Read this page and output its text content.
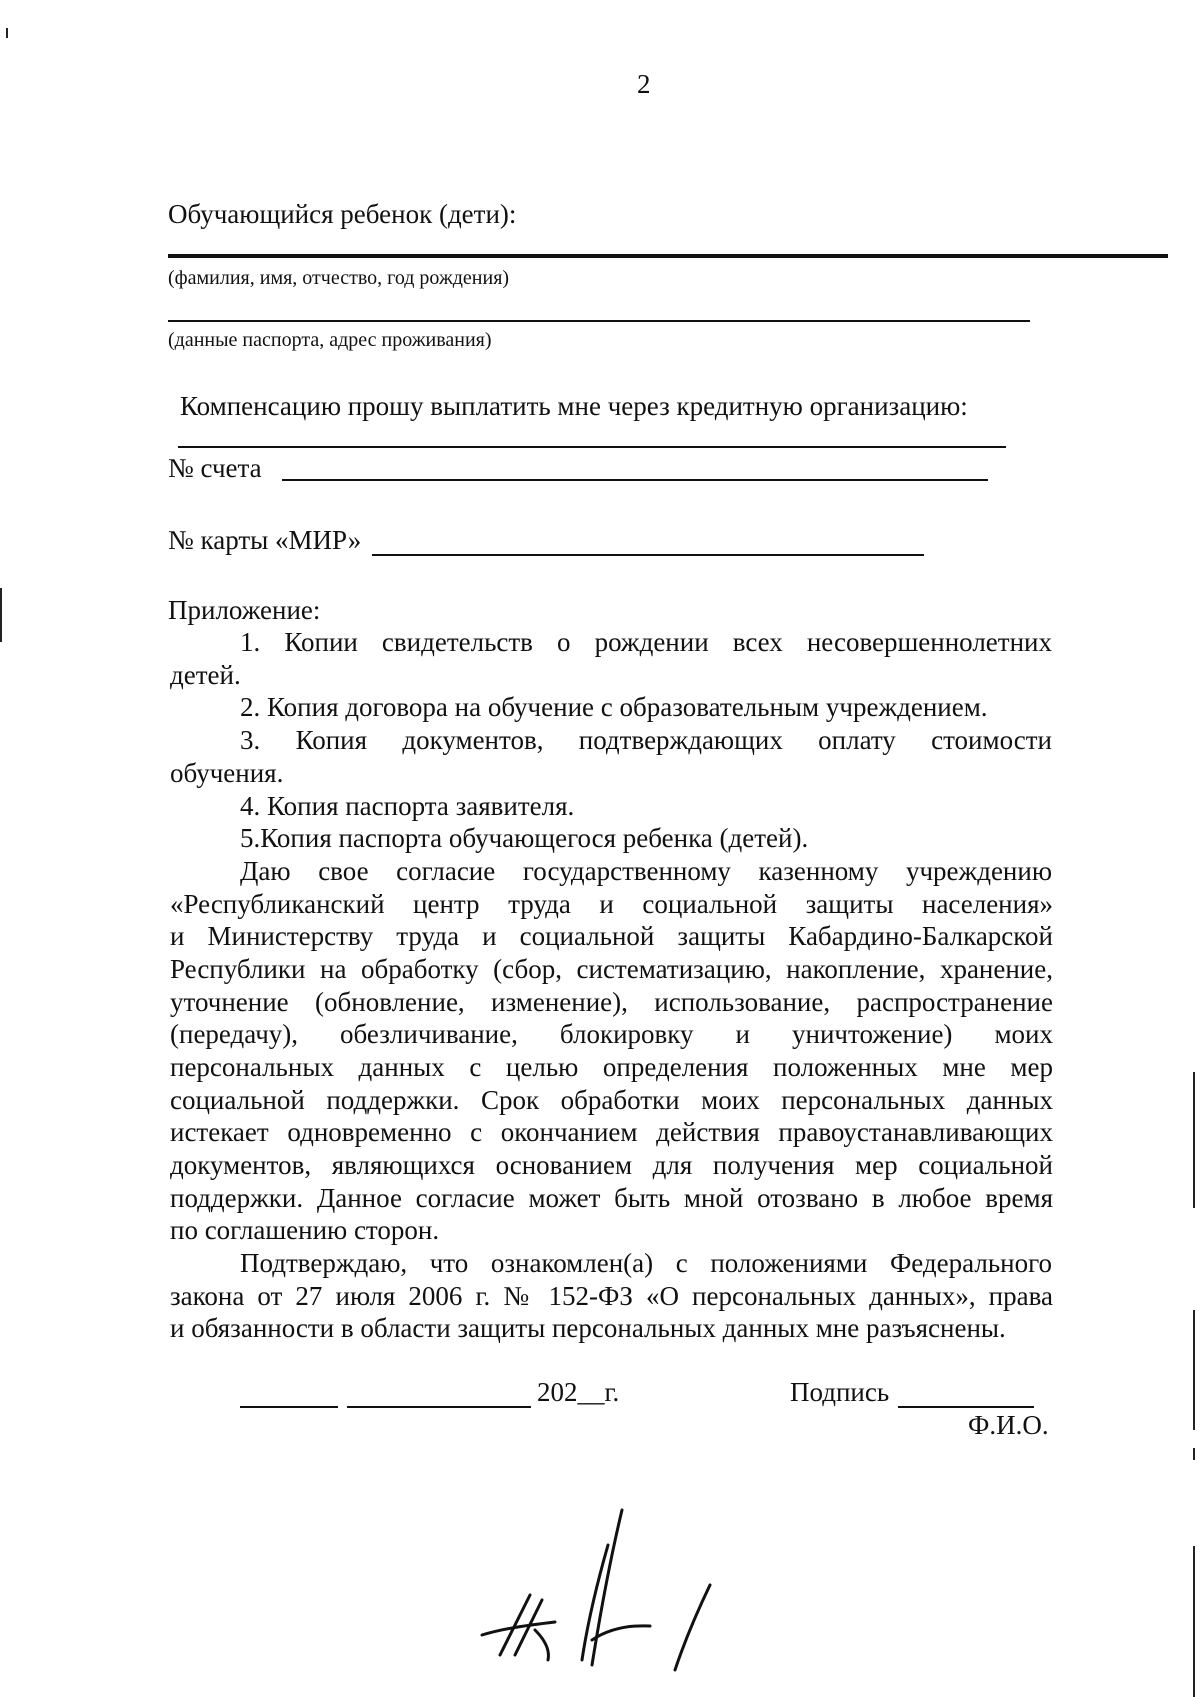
2
Обучающийся ребенок (дети):
(фамилия, имя, отчество, год рождения)
(данные паспорта, адрес проживания)
Компенсацию прошу выплатить мне через кредитную организацию:
№ счета
№ карты «МИР»
Приложение:
1. Копии свидетельств о рождении всех несовершеннолетних
детей.
2. Копия договора на обучение с образовательным учреждением.
3. Копия документов, подтверждающих оплату стоимости
обучения.
4. Копия паспорта заявителя.
5.Копия паспорта обучающегося ребенка (детей).
Даю свое согласие государственному казенному учреждению
«Республиканский центр труда и социальной защиты населения»
и Министерству труда и социальной защиты Кабардино-Балкарской
Республики на обработку (сбор, систематизацию, накопление, хранение,
уточнение (обновление, изменение), использование, распространение
(передачу), обезличивание, блокировку и уничтожение) моих
персональных данных с целью определения положенных мне мер
социальной поддержки. Срок обработки моих персональных данных
истекает одновременно с окончанием действия правоустанавливающих
документов, являющихся основанием для получения мер социальной
поддержки. Данное согласие может быть мной отозвано в любое время
по соглашению сторон.
Подтверждаю, что ознакомлен(а) с положениями Федерального
закона от 27 июля 2006 г. № 152-ФЗ «О персональных данных», права
и обязанности в области защиты персональных данных мне разъяснены.
202__г.	Подпись
Ф.И.О.
